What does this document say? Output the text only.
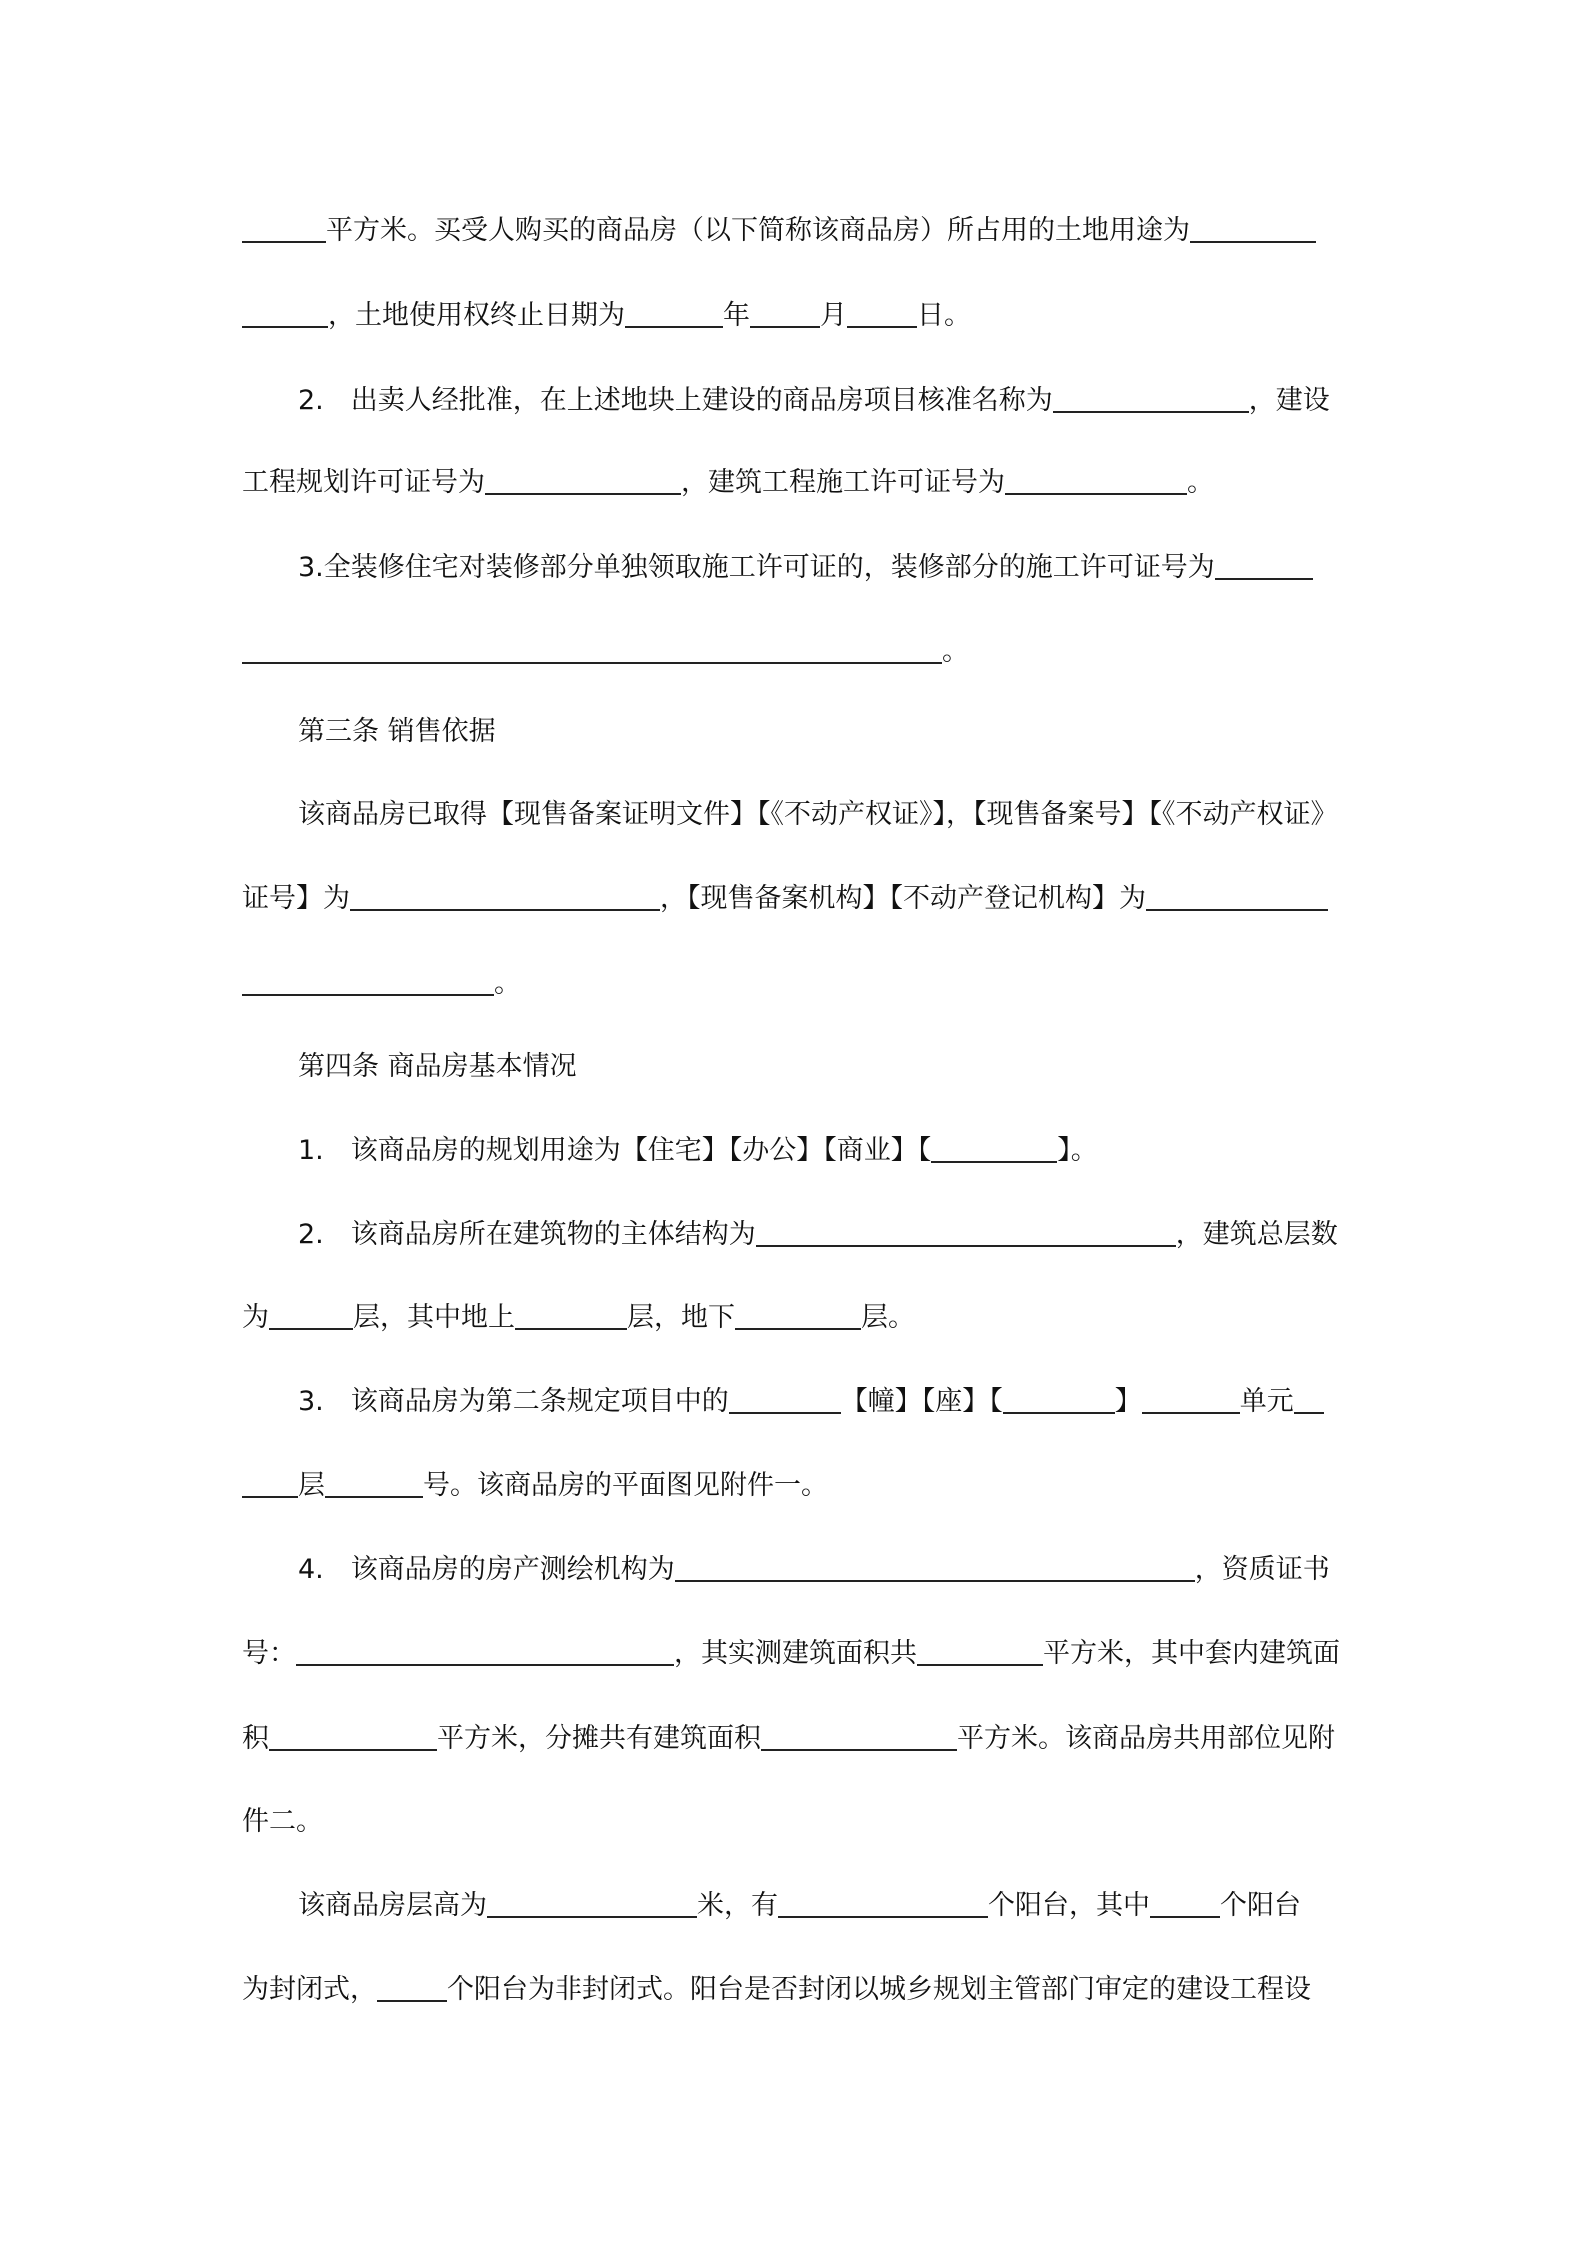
平方米。买受人购买的商品房（以下简称该商品房）所占用的土地用途为
，土地使用权终止日期为	年	月	日。
2.　出卖人经批准，在上述地块上建设的商品房项目核准名称为	，建设
工程规划许可证号为	，建筑工程施工许可证号为	。
3.全装修住宅对装修部分单独领取施工许可证的，装修部分的施工许可证号为
。
第三条 销售依据
该商品房已取得【现售备案证明文件】【《不动产权证》】，【现售备案号】【《不动产权证》
证号】为	，【现售备案机构】【不动产登记机构】为
。
第四条 商品房基本情况
1.　该商品房的规划用途为【住宅】【办公】【商业】【	】。
2.　该商品房所在建筑物的主体结构为	，建筑总层数
为	层，其中地上	层，地下	层。
3.　该商品房为第二条规定项目中的	【幢】【座】【	】	单元
层	号。该商品房的平面图见附件一。
4.　该商品房的房产测绘机构为	，资质证书
号：	，其实测建筑面积共	平方米，其中套内建筑面
积	平方米，分摊共有建筑面积	平方米。该商品房共用部位见附
件二。
该商品房层高为	米，有	个阳台，其中	个阳台
为封闭式，	个阳台为非封闭式。阳台是否封闭以城乡规划主管部门审定的建设工程设
